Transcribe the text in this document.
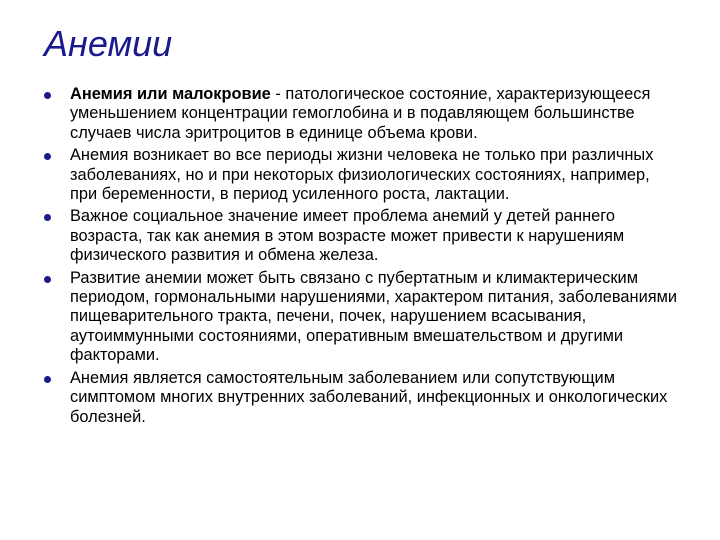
Анемии
Анемия или малокровие - патологическое состояние, характеризующееся уменьшением концентрации гемоглобина и в подавляющем большинстве случаев числа эритроцитов в единице объема крови.
Анемия возникает во все периоды жизни человека не только при различных заболеваниях, но и при некоторых физиологических состояниях, например, при беременности, в период усиленного роста, лактации.
Важное социальное значение имеет проблема анемий у детей раннего возраста, так как анемия в этом возрасте может привести к нарушениям физического развития и обмена железа.
Развитие анемии может быть связано с пубертатным и климактерическим периодом, гормональными нарушениями, характером питания, заболеваниями пищеварительного тракта, печени, почек, нарушением всасывания, аутоиммунными состояниями, оперативным вмешательством и другими факторами.
Анемия является самостоятельным заболеванием или сопутствующим симптомом многих внутренних заболеваний, инфекционных и онкологических болезней.
